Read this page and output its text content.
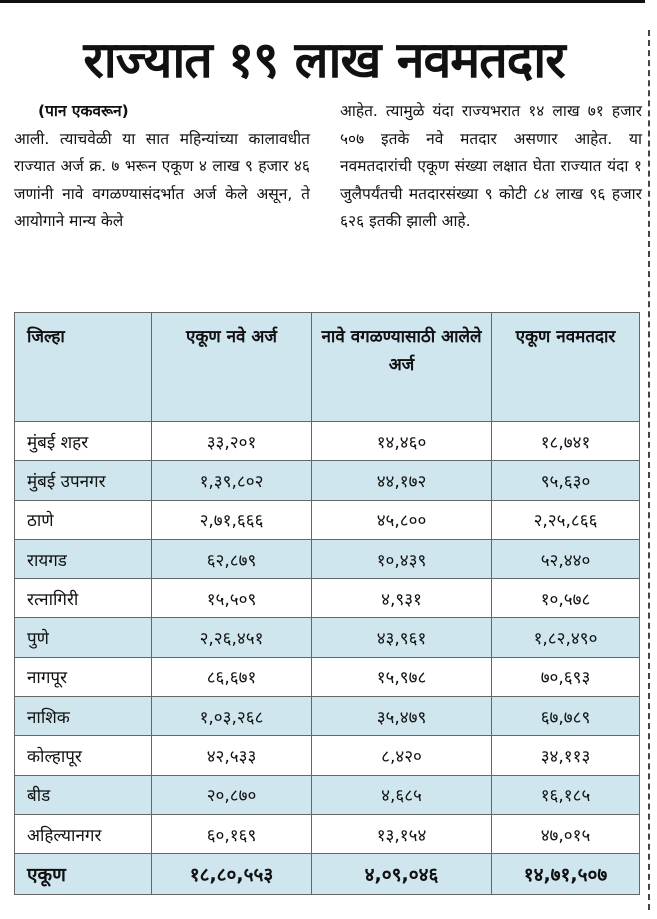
राज्यात १९ लाख नवमतदार
(पान एकवरून)

आली. त्याचवेळी या सात महिन्यांच्या कालावधीत राज्यात अर्ज क्र. ७ भरून एकूण ४ लाख ९ हजार ४६ जणांनी नावे वगळण्यासंदर्भात अर्ज केले असून, ते आयोगाने मान्य केले

आहेत. त्यामुळे यंदा राज्यभरात १४ लाख ७१ हजार ५०७ इतके नवे मतदार असणार आहेत. या नवमतदारांची एकूण संख्या लक्षात घेता राज्यात यंदा १ जुलैपर्यंतची मतदारसंख्या ९ कोटी ८४ लाख ९६ हजार ६२६ इतकी झाली आहे.

जिल्हा	एकूण नवे अर्ज	नावे वगळण्यासाठी आलेले अर्ज	एकूण नवमतदार
मुंबई शहर	३३,२०१	१४,४६०	१८,७४१
मुंबई उपनगर	१,३९,८०२	४४,१७२	९५,६३०
ठाणे	२,७१,६६६	४५,८००	२,२५,८६६
रायगड	६२,८७९	१०,४३९	५२,४४०
रत्नागिरी	१५,५०९	४,९३१	१०,५७८
पुणे	२,२६,४५१	४३,९६१	१,८२,४९०
नागपूर	८६,६७१	१५,९७८	७०,६९३
नाशिक	१,०३,२६८	३५,४७९	६७,७८९
कोल्हापूर	४२,५३३	८,४२०	३४,११३
बीड	२०,८७०	४,६८५	१६,१८५
अहिल्यानगर	६०,१६९	१३,१५४	४७,०१५
एकूण	१८,८०,५५३	४,०९,०४६	१४,७१,५०७
